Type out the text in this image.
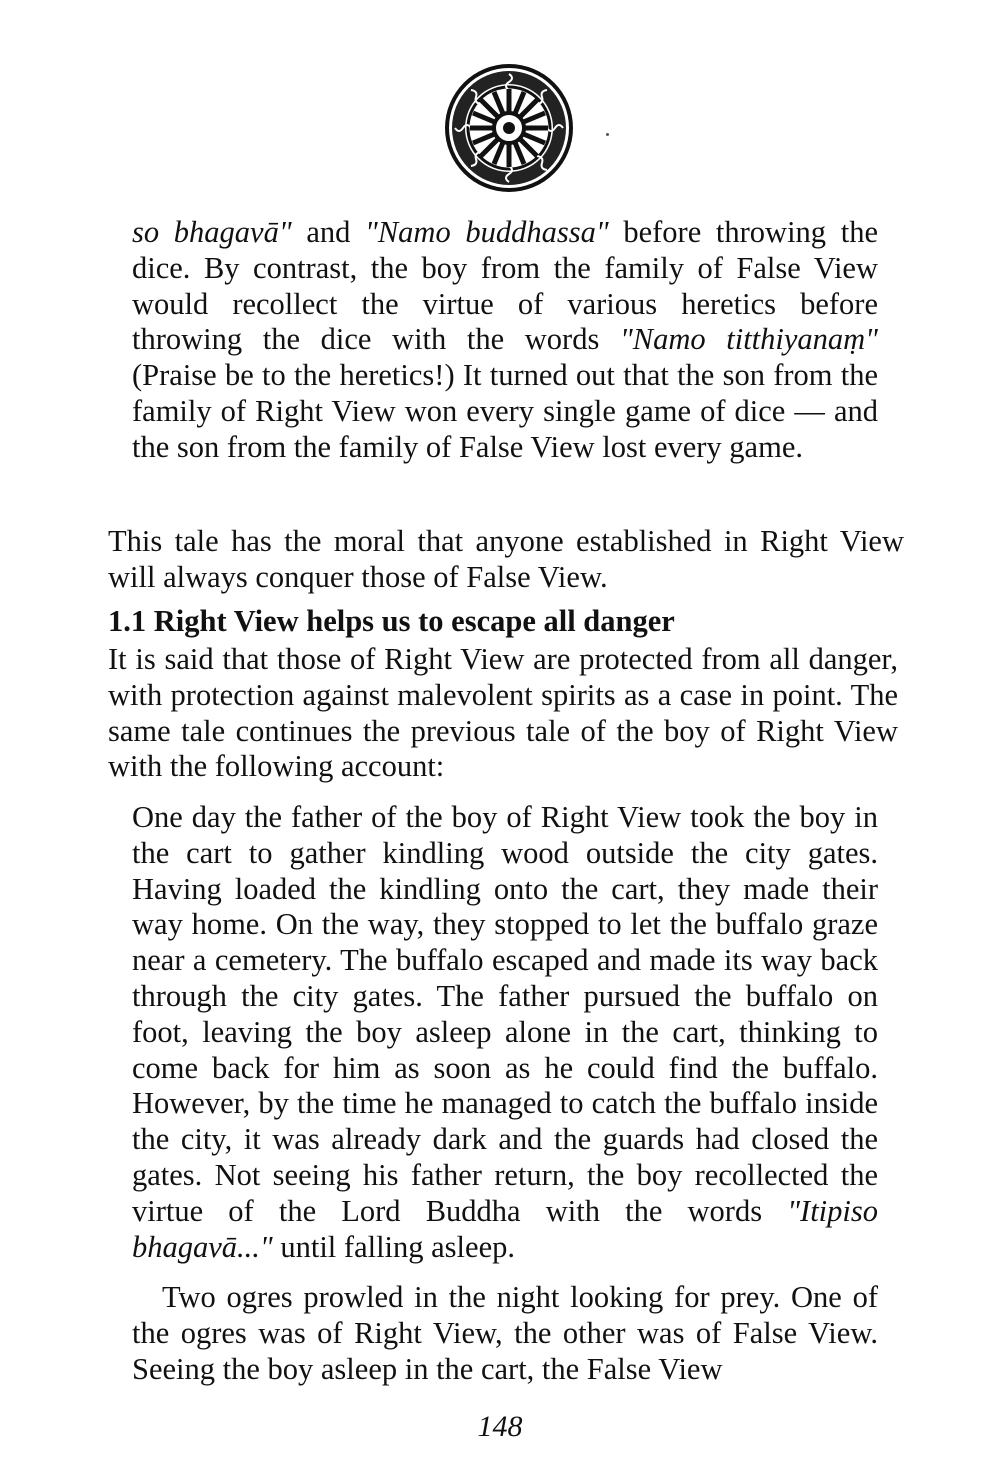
so bhagavā" and "Namo buddhassa" before throwing the dice. By contrast, the boy from the family of False View would recollect the virtue of various heretics before throwing the dice with the words "Namo titthiyanaṃ" (Praise be to the heretics!) It turned out that the son from the family of Right View won every single game of dice — and the son from the family of False View lost every game.

This tale has the moral that anyone established in Right View will always conquer those of False View.

1.1 Right View helps us to escape all danger

It is said that those of Right View are protected from all danger, with protection against malevolent spirits as a case in point. The same tale continues the previous tale of the boy of Right View with the following account:

One day the father of the boy of Right View took the boy in the cart to gather kindling wood outside the city gates. Having loaded the kindling onto the cart, they made their way home. On the way, they stopped to let the buffalo graze near a cemetery. The buffalo escaped and made its way back through the city gates. The father pursued the buffalo on foot, leaving the boy asleep alone in the cart, thinking to come back for him as soon as he could find the buffalo. However, by the time he managed to catch the buffalo inside the city, it was already dark and the guards had closed the gates. Not seeing his father return, the boy recollected the virtue of the Lord Buddha with the words "Itipiso bhagavā..." until falling asleep.

Two ogres prowled in the night looking for prey. One of the ogres was of Right View, the other was of False View. Seeing the boy asleep in the cart, the False View

148
